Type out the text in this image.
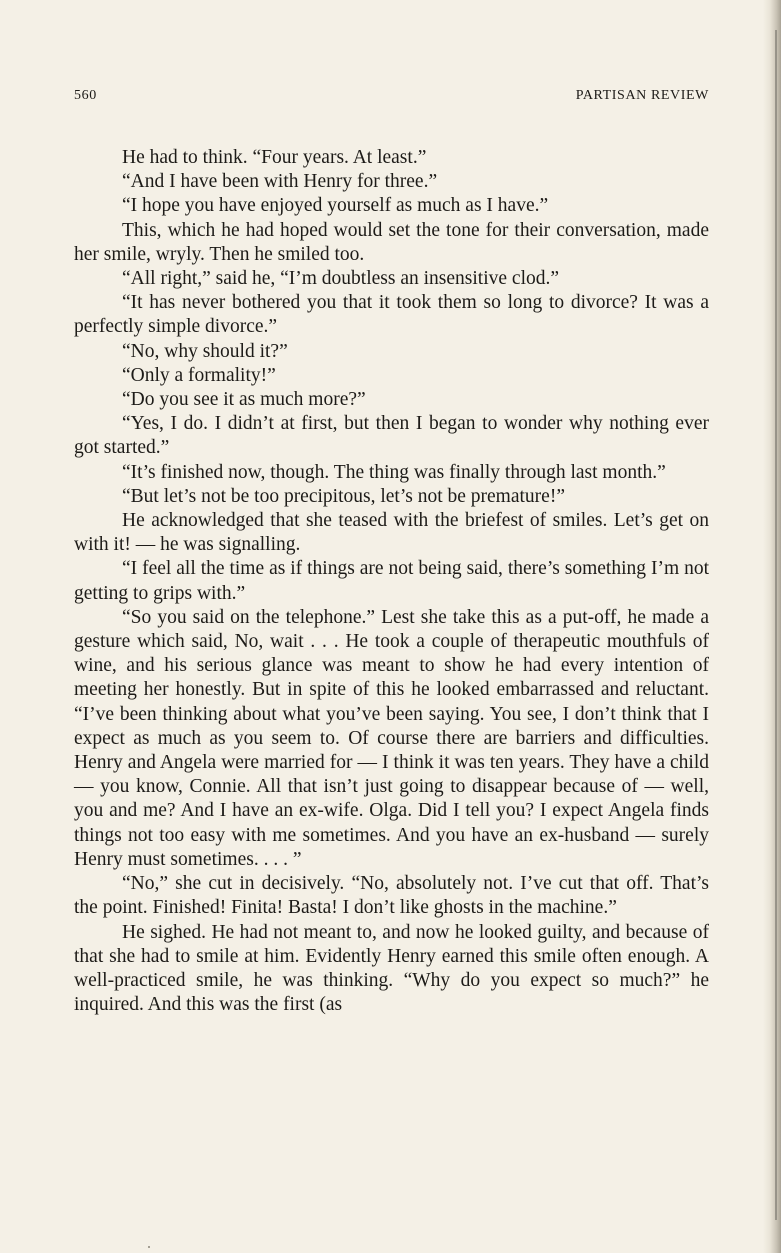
560	PARTISAN REVIEW

He had to think. “Four years. At least.”

“And I have been with Henry for three.”

“I hope you have enjoyed yourself as much as I have.”

This, which he had hoped would set the tone for their conversation, made her smile, wryly. Then he smiled too.

“All right,” said he, “I’m doubtless an insensitive clod.”

“It has never bothered you that it took them so long to divorce? It was a perfectly simple divorce.”

“No, why should it?”

“Only a formality!”

“Do you see it as much more?”

“Yes, I do. I didn’t at first, but then I began to wonder why nothing ever got started.”

“It’s finished now, though. The thing was finally through last month.”

“But let’s not be too precipitous, let’s not be premature!”

He acknowledged that she teased with the briefest of smiles. Let’s get on with it! — he was signalling.

“I feel all the time as if things are not being said, there’s something I’m not getting to grips with.”

“So you said on the telephone.” Lest she take this as a put-off, he made a gesture which said, No, wait . . . He took a couple of therapeutic mouthfuls of wine, and his serious glance was meant to show he had every intention of meeting her honestly. But in spite of this he looked embarrassed and reluctant. “I’ve been thinking about what you’ve been saying. You see, I don’t think that I expect as much as you seem to. Of course there are barriers and difficulties. Henry and Angela were married for — I think it was ten years. They have a child — you know, Connie. All that isn’t just going to disappear because of — well, you and me? And I have an ex-wife. Olga. Did I tell you? I expect Angela finds things not too easy with me sometimes. And you have an ex-husband — surely Henry must sometimes. . . . ”

“No,” she cut in decisively. “No, absolutely not. I’ve cut that off. That’s the point. Finished! Finita! Basta! I don’t like ghosts in the machine.”

He sighed. He had not meant to, and now he looked guilty, and because of that she had to smile at him. Evidently Henry earned this smile often enough. A well-practiced smile, he was thinking. “Why do you expect so much?” he inquired. And this was the first (as
